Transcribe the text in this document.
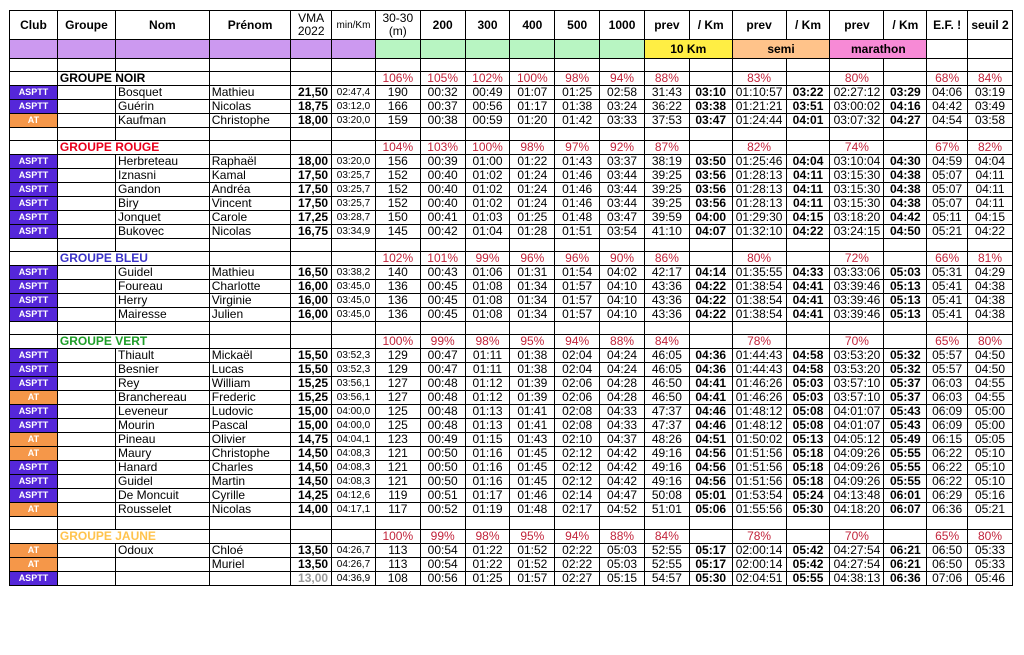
Club	Groupe	Nom	Prénom	VMA 2022	min/Km	30-30 (m)	200	300	400	500	1000	prev	/ Km	prev	/ Km	prev	/ Km	E.F. !	seuil 2
												10 Km		semi		marathon			

	GROUPE NOIR					106%	105%	102%	100%	98%	94%	88%		83%		80%		68%	84%
ASPTT		Bosquet	Mathieu	21,50	02:47,4	190	00:32	00:49	01:07	01:25	02:58	31:43	03:10	01:10:57	03:22	02:27:12	03:29	04:06	03:19
ASPTT		Guérin	Nicolas	18,75	03:12,0	166	00:37	00:56	01:17	01:38	03:24	36:22	03:38	01:21:21	03:51	03:00:02	04:16	04:42	03:49
AT		Kaufman	Christophe	18,00	03:20,0	159	00:38	00:59	01:20	01:42	03:33	37:53	03:47	01:24:44	04:01	03:07:32	04:27	04:54	03:58

	GROUPE ROUGE					104%	103%	100%	98%	97%	92%	87%		82%		74%		67%	82%
ASPTT		Herbreteau	Raphaël	18,00	03:20,0	156	00:39	01:00	01:22	01:43	03:37	38:19	03:50	01:25:46	04:04	03:10:04	04:30	04:59	04:04
ASPTT		Iznasni	Kamal	17,50	03:25,7	152	00:40	01:02	01:24	01:46	03:44	39:25	03:56	01:28:13	04:11	03:15:30	04:38	05:07	04:11
ASPTT		Gandon	Andréa	17,50	03:25,7	152	00:40	01:02	01:24	01:46	03:44	39:25	03:56	01:28:13	04:11	03:15:30	04:38	05:07	04:11
ASPTT		Biry	Vincent	17,50	03:25,7	152	00:40	01:02	01:24	01:46	03:44	39:25	03:56	01:28:13	04:11	03:15:30	04:38	05:07	04:11
ASPTT		Jonquet	Carole	17,25	03:28,7	150	00:41	01:03	01:25	01:48	03:47	39:59	04:00	01:29:30	04:15	03:18:20	04:42	05:11	04:15
ASPTT		Bukovec	Nicolas	16,75	03:34,9	145	00:42	01:04	01:28	01:51	03:54	41:10	04:07	01:32:10	04:22	03:24:15	04:50	05:21	04:22

	GROUPE BLEU					102%	101%	99%	96%	96%	90%	86%		80%		72%		66%	81%
ASPTT		Guidel	Mathieu	16,50	03:38,2	140	00:43	01:06	01:31	01:54	04:02	42:17	04:14	01:35:55	04:33	03:33:06	05:03	05:31	04:29
ASPTT		Foureau	Charlotte	16,00	03:45,0	136	00:45	01:08	01:34	01:57	04:10	43:36	04:22	01:38:54	04:41	03:39:46	05:13	05:41	04:38
ASPTT		Herry	Virginie	16,00	03:45,0	136	00:45	01:08	01:34	01:57	04:10	43:36	04:22	01:38:54	04:41	03:39:46	05:13	05:41	04:38
ASPTT		Mairesse	Julien	16,00	03:45,0	136	00:45	01:08	01:34	01:57	04:10	43:36	04:22	01:38:54	04:41	03:39:46	05:13	05:41	04:38

	GROUPE VERT					100%	99%	98%	95%	94%	88%	84%		78%		70%		65%	80%
ASPTT		Thiault	Mickaël	15,50	03:52,3	129	00:47	01:11	01:38	02:04	04:24	46:05	04:36	01:44:43	04:58	03:53:20	05:32	05:57	04:50
ASPTT		Besnier	Lucas	15,50	03:52,3	129	00:47	01:11	01:38	02:04	04:24	46:05	04:36	01:44:43	04:58	03:53:20	05:32	05:57	04:50
ASPTT		Rey	William	15,25	03:56,1	127	00:48	01:12	01:39	02:06	04:28	46:50	04:41	01:46:26	05:03	03:57:10	05:37	06:03	04:55
AT		Branchereau	Frederic	15,25	03:56,1	127	00:48	01:12	01:39	02:06	04:28	46:50	04:41	01:46:26	05:03	03:57:10	05:37	06:03	04:55
ASPTT		Leveneur	Ludovic	15,00	04:00,0	125	00:48	01:13	01:41	02:08	04:33	47:37	04:46	01:48:12	05:08	04:01:07	05:43	06:09	05:00
ASPTT		Mourin	Pascal	15,00	04:00,0	125	00:48	01:13	01:41	02:08	04:33	47:37	04:46	01:48:12	05:08	04:01:07	05:43	06:09	05:00
AT		Pineau	Olivier	14,75	04:04,1	123	00:49	01:15	01:43	02:10	04:37	48:26	04:51	01:50:02	05:13	04:05:12	05:49	06:15	05:05
AT		Maury	Christophe	14,50	04:08,3	121	00:50	01:16	01:45	02:12	04:42	49:16	04:56	01:51:56	05:18	04:09:26	05:55	06:22	05:10
ASPTT		Hanard	Charles	14,50	04:08,3	121	00:50	01:16	01:45	02:12	04:42	49:16	04:56	01:51:56	05:18	04:09:26	05:55	06:22	05:10
ASPTT		Guidel	Martin	14,50	04:08,3	121	00:50	01:16	01:45	02:12	04:42	49:16	04:56	01:51:56	05:18	04:09:26	05:55	06:22	05:10
ASPTT		De Moncuit	Cyrille	14,25	04:12,6	119	00:51	01:17	01:46	02:14	04:47	50:08	05:01	01:53:54	05:24	04:13:48	06:01	06:29	05:16
AT		Rousselet	Nicolas	14,00	04:17,1	117	00:52	01:19	01:48	02:17	04:52	51:01	05:06	01:55:56	05:30	04:18:20	06:07	06:36	05:21

	GROUPE JAUNE					100%	99%	98%	95%	94%	88%	84%		78%		70%		65%	80%
AT		Odoux	Chloé	13,50	04:26,7	113	00:54	01:22	01:52	02:22	05:03	52:55	05:17	02:00:14	05:42	04:27:54	06:21	06:50	05:33
AT			Muriel	13,50	04:26,7	113	00:54	01:22	01:52	02:22	05:03	52:55	05:17	02:00:14	05:42	04:27:54	06:21	06:50	05:33
ASPTT				13,00	04:36,9	108	00:56	01:25	01:57	02:27	05:15	54:57	05:30	02:04:51	05:55	04:38:13	06:36	07:06	05:46
